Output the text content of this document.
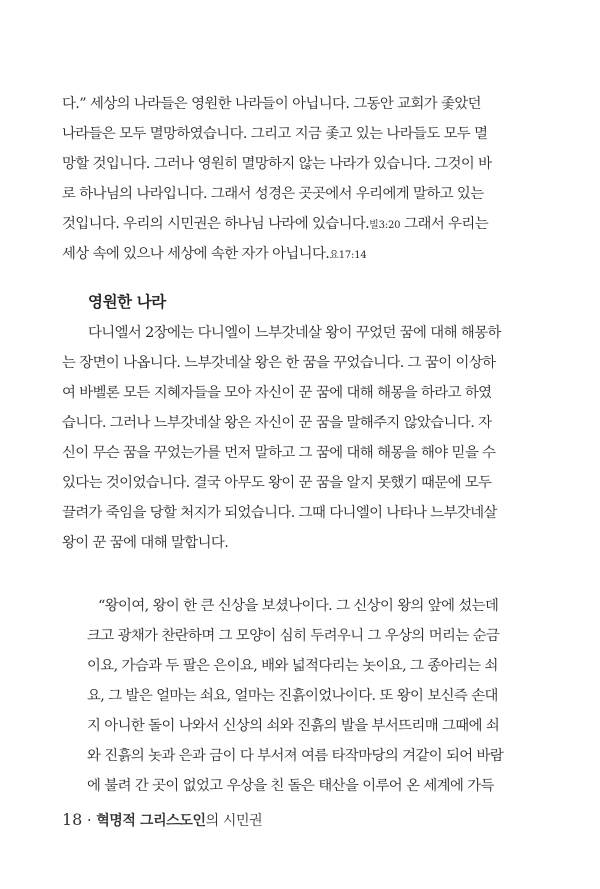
다.” 세상의 나라들은 영원한 나라들이 아닙니다. 그동안 교회가 좇았던
나라들은 모두 멸망하였습니다. 그리고 지금 좇고 있는 나라들도 모두 멸
망할 것입니다. 그러나 영원히 멸망하지 않는 나라가 있습니다. 그것이 바
로 하나님의 나라입니다. 그래서 성경은 곳곳에서 우리에게 말하고 있는
것입니다. 우리의 시민권은 하나님 나라에 있습니다.빌3:20 그래서 우리는
세상 속에 있으나 세상에 속한 자가 아닙니다.요17:14
영원한 나라
다니엘서 2장에는 다니엘이 느부갓네살 왕이 꾸었던 꿈에 대해 해몽하
는 장면이 나옵니다. 느부갓네살 왕은 한 꿈을 꾸었습니다. 그 꿈이 이상하
여 바벨론 모든 지혜자들을 모아 자신이 꾼 꿈에 대해 해몽을 하라고 하였
습니다. 그러나 느부갓네살 왕은 자신이 꾼 꿈을 말해주지 않았습니다. 자
신이 무슨 꿈을 꾸었는가를 먼저 말하고 그 꿈에 대해 해몽을 해야 믿을 수
있다는 것이었습니다. 결국 아무도 왕이 꾼 꿈을 알지 못했기 때문에 모두
끌려가 죽임을 당할 처지가 되었습니다. 그때 다니엘이 나타나 느부갓네살
왕이 꾼 꿈에 대해 말합니다.
“왕이여, 왕이 한 큰 신상을 보셨나이다. 그 신상이 왕의 앞에 섰는데
크고 광채가 찬란하며 그 모양이 심히 두려우니 그 우상의 머리는 순금
이요, 가슴과 두 팔은 은이요, 배와 넓적다리는 놋이요, 그 종아리는 쇠
요, 그 발은 얼마는 쇠요, 얼마는 진흙이었나이다. 또 왕이 보신즉 손대
지 아니한 돌이 나와서 신상의 쇠와 진흙의 발을 부서뜨리매 그때에 쇠
와 진흙의 놋과 은과 금이 다 부서져 여름 타작마당의 겨같이 되어 바람
에 불려 간 곳이 없었고 우상을 친 돌은 태산을 이루어 온 세계에 가득
18 · 혁명적 그리스도인의 시민권
